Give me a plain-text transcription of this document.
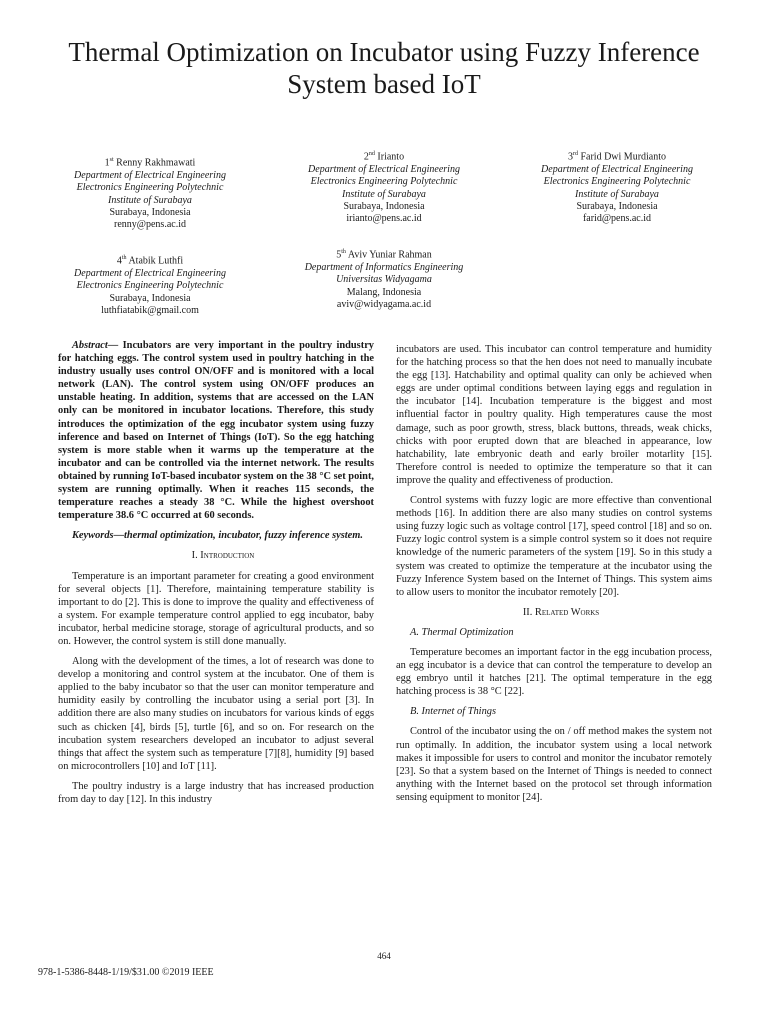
Thermal Optimization on Incubator using Fuzzy Inference System based IoT
1st Renny Rakhmawati
Department of Electrical Engineering
Electronics Engineering Polytechnic
Institute of Surabaya
Surabaya, Indonesia
renny@pens.ac.id
2nd Irianto
Department of Electrical Engineering
Electronics Engineering Polytechnic
Institute of Surabaya
Surabaya, Indonesia
irianto@pens.ac.id
3rd Farid Dwi Murdianto
Department of Electrical Engineering
Electronics Engineering Polytechnic
Institute of Surabaya
Surabaya, Indonesia
farid@pens.ac.id
4th Atabik Luthfi
Department of Electrical Engineering
Electronics Engineering Polytechnic
Surabaya, Indonesia
luthfiatabik@gmail.com
5th Aviv Yuniar Rahman
Department of Informatics Engineering
Universitas Widyagama
Malang, Indonesia
aviv@widyagama.ac.id

Abstract— Incubators are very important in the poultry industry for hatching eggs. The control system used in poultry hatching in the industry usually uses control ON/OFF and is monitored with a local network (LAN). The control system using ON/OFF produces an unstable heating. In addition, systems that are accessed on the LAN only can be monitored in incubator locations. Therefore, this study introduces the optimization of the egg incubator system using fuzzy inference and based on Internet of Things (IoT). So the egg hatching system is more stable when it warms up the temperature at the incubator and can be controlled via the internet network. The results obtained by running IoT-based incubator system on the 38 °C set point, system are running optimally. When it reaches 115 seconds, the temperature reaches a steady 38 °C. While the highest overshoot temperature 38.6 °C occurred at 60 seconds.

Keywords—thermal optimization, incubator, fuzzy inference system.

I. Introduction

Temperature is an important parameter for creating a good environment for several objects [1]. Therefore, maintaining temperature stability is important to do [2]. This is done to improve the quality and effectiveness of a system. For example temperature control applied to egg incubator, baby incubator, herbal medicine storage, storage of agricultural products, and so on. However, the control system is still done manually.

Along with the development of the times, a lot of research was done to develop a monitoring and control system at the incubator. One of them is applied to the baby incubator so that the user can monitor temperature and humidity easily by controlling the incubator using a serial port [3]. In addition there are also many studies on incubators for various kinds of eggs such as chicken [4], birds [5], turtle [6], and so on. For research on the incubation system researchers developed an incubator to adjust several things that affect the system such as temperature [7][8], humidity [9] based on microcontrollers [10] and IoT [11].

The poultry industry is a large industry that has increased production from day to day [12]. In this industry

incubators are used. This incubator can control temperature and humidity for the hatching process so that the hen does not need to manually incubate the egg [13]. Hatchability and optimal quality can only be achieved when eggs are under optimal conditions between laying eggs and regulation in the incubator [14]. Incubation temperature is the biggest and most influential factor in poultry quality. High temperatures cause the most damage, such as poor growth, stress, black buttons, threads, weak chicks, chicks with poor erupted down that are bleached in appearance, low hatchability, late embryonic death and early broiler motarlity [15]. Therefore control is needed to optimize the temperature so that it can improve the quality and effectiveness of production.

Control systems with fuzzy logic are more effective than conventional methods [16]. In addition there are also many studies on control systems using fuzzy logic such as voltage control [17], speed control [18] and so on. Fuzzy logic control system is a simple control system so it does not require knowledge of the numeric parameters of the system [19]. So in this study a system was created to optimize the temperature at the incubator using the Fuzzy Inference System based on the Internet of Things. This system aims to allow users to monitor the incubator remotely [20].

II. Related Works

A. Thermal Optimization

Temperature becomes an important factor in the egg incubation process, an egg incubator is a device that can control the temperature to develop an egg embryo until it hatches [21]. The optimal temperature in the egg hatching process is 38 °C [22].

B. Internet of Things

Control of the incubator using the on / off method makes the system not run optimally. In addition, the incubator system using a local network makes it impossible for users to control and monitor the incubator remotely [23]. So that a system based on the Internet of Things is needed to connect anything with the Internet based on the protocol set through information sensing equipment to monitor [24].

464
978-1-5386-8448-1/19/$31.00 ©2019 IEEE
